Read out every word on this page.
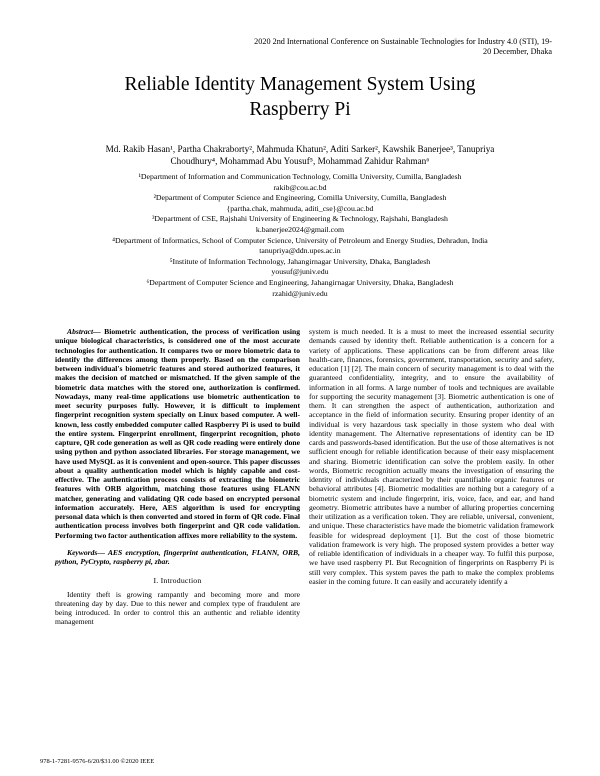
2020 2nd International Conference on Sustainable Technologies for Industry 4.0 (STI), 19-20 December, Dhaka
Reliable Identity Management System Using
Raspberry Pi
Md. Rakib Hasan¹, Partha Chakraborty², Mahmuda Khatun², Aditi Sarker², Kawshik Banerjee³, Tanupriya
Choudhury⁴, Mohammad Abu Yousuf⁵, Mohammad Zahidur Rahman⁶
¹Department of Information and Communication Technology, Comilla University, Cumilla, Bangladesh
rakib@cou.ac.bd
²Department of Computer Science and Engineering, Comilla University, Cumilla, Bangladesh
{partha.chak, mahmuda, aditi_cse}@cou.ac.bd
³Department of CSE, Rajshahi University of Engineering & Technology, Rajshahi, Bangladesh
k.banerjee2024@gmail.com
⁴Department of Informatics, School of Computer Science, University of Petroleum and Energy Studies, Dehradun, India
tanupriya@ddn.upes.ac.in
⁵Institute of Information Technology, Jahangirnagar University, Dhaka, Bangladesh
yousuf@juniv.edu
⁶Department of Computer Science and Engineering, Jahangirnagar University, Dhaka, Bangladesh
rzahid@juniv.edu

Abstract— Biometric authentication, the process of verification using unique biological characteristics, is considered one of the most accurate technologies for authentication. It compares two or more biometric data to identify the differences among them properly. Based on the comparison between individual's biometric features and stored authorized features, it makes the decision of matched or mismatched. If the given sample of the biometric data matches with the stored one, authorization is confirmed. Nowadays, many real-time applications use biometric authentication to meet security purposes fully. However, it is difficult to implement fingerprint recognition system specially on Linux based computer. A well-known, less costly embedded computer called Raspberry Pi is used to build the entire system. Fingerprint enrollment, fingerprint recognition, photo capture, QR code generation as well as QR code reading were entirely done using python and python associated libraries. For storage management, we have used MySQL as it is convenient and open-source. This paper discusses about a quality authentication model which is highly capable and cost-effective. The authentication process consists of extracting the biometric features with ORB algorithm, matching those features using FLANN matcher, generating and validating QR code based on encrypted personal information accurately. Here, AES algorithm is used for encrypting personal data which is then converted and stored in form of QR code. Final authentication process involves both fingerprint and QR code validation. Performing two factor authentication affixes more reliability to the system.

Keywords— AES encryption, fingerprint authentication, FLANN, ORB, python, PyCrypto, raspberry pi, zbar.

I. Introduction

Identity theft is growing rampantly and becoming more and more threatening day by day. Due to this newer and complex type of fraudulent are being introduced. In order to control this an authentic and reliable identity management

system is much needed. It is a must to meet the increased essential security demands caused by identity theft. Reliable authentication is a concern for a variety of applications. These applications can be from different areas like health-care, finances, forensics, government, transportation, security and safety, education [1] [2]. The main concern of security management is to deal with the guaranteed confidentiality, integrity, and to ensure the availability of information in all forms. A large number of tools and techniques are available for supporting the security management [3]. Biometric authentication is one of them. It can strengthen the aspect of authentication, authorization and acceptance in the field of information security. Ensuring proper identity of an individual is very hazardous task specially in those system who deal with identity management. The Alternative representations of identity can be ID cards and passwords-based identification. But the use of those alternatives is not sufficient enough for reliable identification because of their easy misplacement and sharing. Biometric identification can solve the problem easily. In other words, Biometric recognition actually means the investigation of ensuring the identity of individuals characterized by their quantifiable organic features or behavioral attributes [4]. Biometric modalities are nothing but a category of a biometric system and include fingerprint, iris, voice, face, and ear, and hand geometry. Biometric attributes have a number of alluring properties concerning their utilization as a verification token. They are reliable, universal, convenient, and unique. These characteristics have made the biometric validation framework feasible for widespread deployment [1]. But the cost of those biometric validation framework is very high. The proposed system provides a better way of reliable identification of individuals in a cheaper way. To fulfil this purpose, we have used raspberry PI. But Recognition of fingerprints on Raspberry Pi is still very complex. This system paves the path to make the complex problems easier in the coming future. It can easily and accurately identify a

978-1-7281-9576-6/20/$31.00 ©2020 IEEE
